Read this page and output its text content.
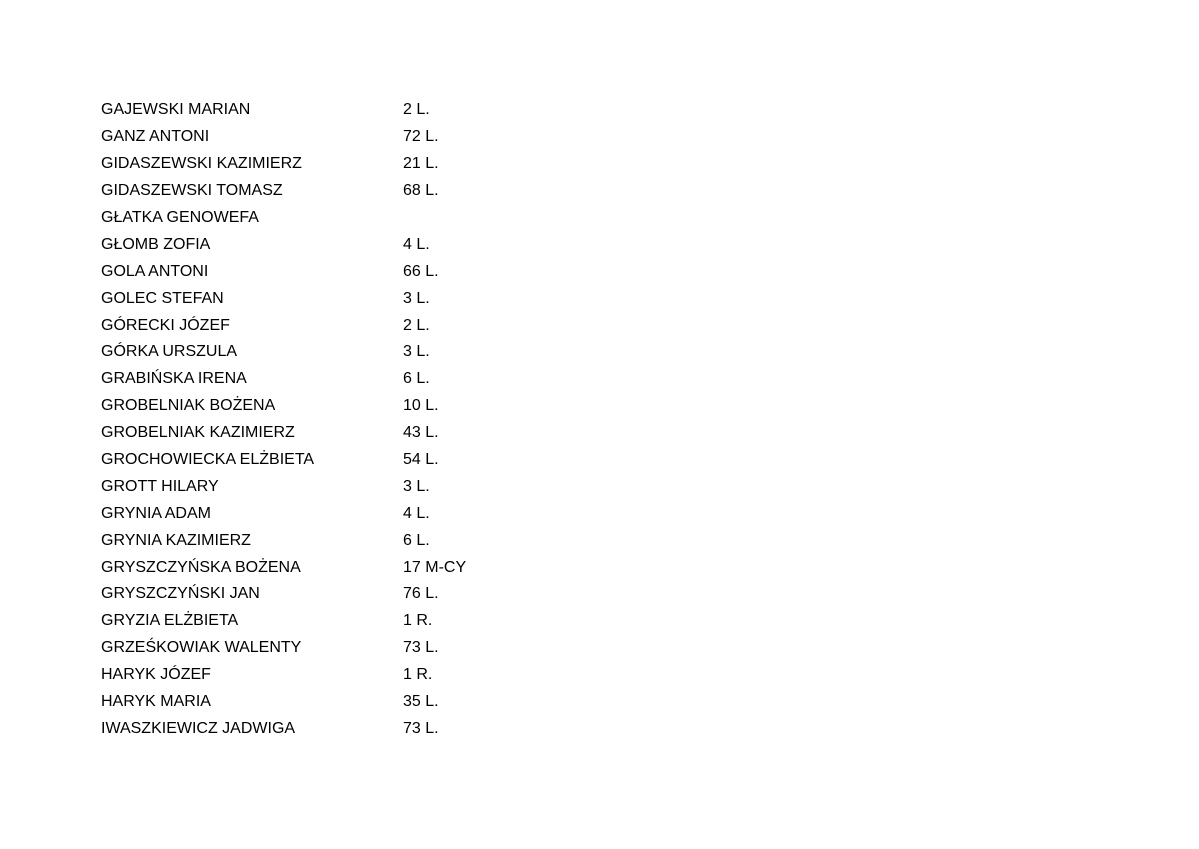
GAJEWSKI MARIAN	2 L.
GANZ ANTONI	72 L.
GIDASZEWSKI KAZIMIERZ	21 L.
GIDASZEWSKI TOMASZ	68 L.
GŁATKA GENOWEFA
GŁOMB ZOFIA	4 L.
GOLA ANTONI	66 L.
GOLEC STEFAN	3 L.
GÓRECKI JÓZEF	2 L.
GÓRKA URSZULA	3 L.
GRABIŃSKA IRENA	6 L.
GROBELNIAK BOŻENA	10 L.
GROBELNIAK KAZIMIERZ	43 L.
GROCHOWIECKA ELŻBIETA	54 L.
GROTT HILARY	3 L.
GRYNIA ADAM	4 L.
GRYNIA KAZIMIERZ	6 L.
GRYSZCZYŃSKA BOŻENA	17 M-CY
GRYSZCZYŃSKI JAN	76 L.
GRYZIA ELŻBIETA	1 R.
GRZEŚKOWIAK WALENTY	73 L.
HARYK JÓZEF	1 R.
HARYK MARIA	35 L.
IWASZKIEWICZ JADWIGA	73 L.
